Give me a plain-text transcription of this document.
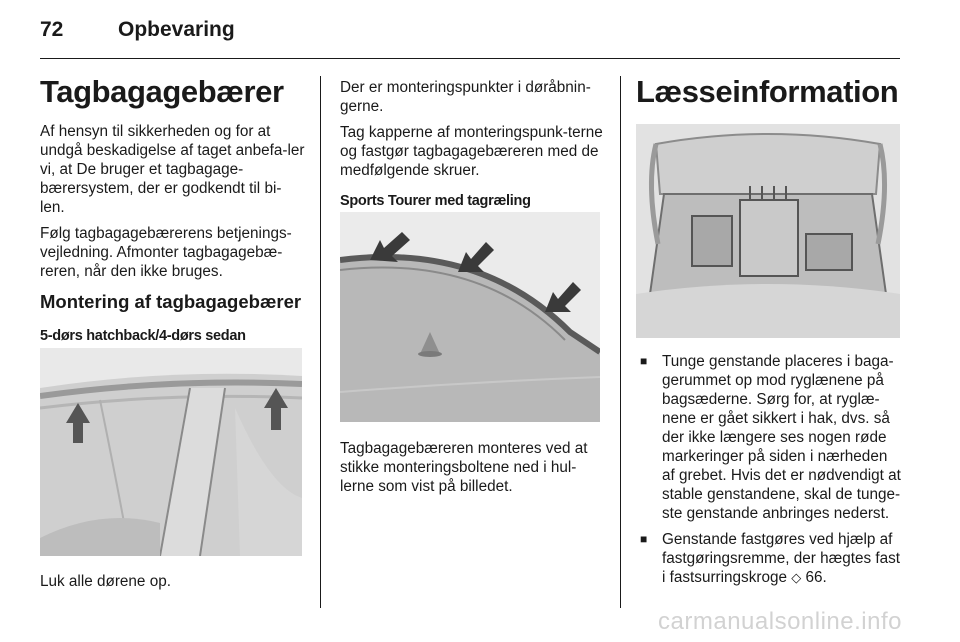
72	Opbevaring
Tagbagagebærer

Af hensyn til sikkerheden og for at undgå beskadigelse af taget anbefa-ler vi, at De bruger et tagbagage-bærersystem, der er godkendt til bi-len.

Følg tagbagagebærerens betjenings-vejledning. Afmonter tagbagagebæ-reren, når den ikke bruges.

Montering af tagbagagebærer

5-dørs hatchback/4-dørs sedan

Luk alle dørene op.

Der er monteringspunkter i døråbnin-gerne.

Tag kapperne af monteringspunk-terne og fastgør tagbagagebæreren med de medfølgende skruer.

Sports Tourer med tagræling

Tagbagagebæreren monteres ved at stikke monteringsboltene ned i hul-lerne som vist på billedet.

Læsseinformation
■ Tunge genstande placeres i baga-gerummet op mod ryglænene på bagsæderne. Sørg for, at ryglæ-nene er gået sikkert i hak, dvs. så der ikke længere ses nogen røde markeringer på siden i nærheden af grebet. Hvis det er nødvendigt at stable genstandene, skal de tunge-ste genstande anbringes nederst.
■ Genstande fastgøres ved hjælp af fastgøringsremme, der hægtes fast i fastsurringskroge ◇ 66.
carmanualsonline.info
